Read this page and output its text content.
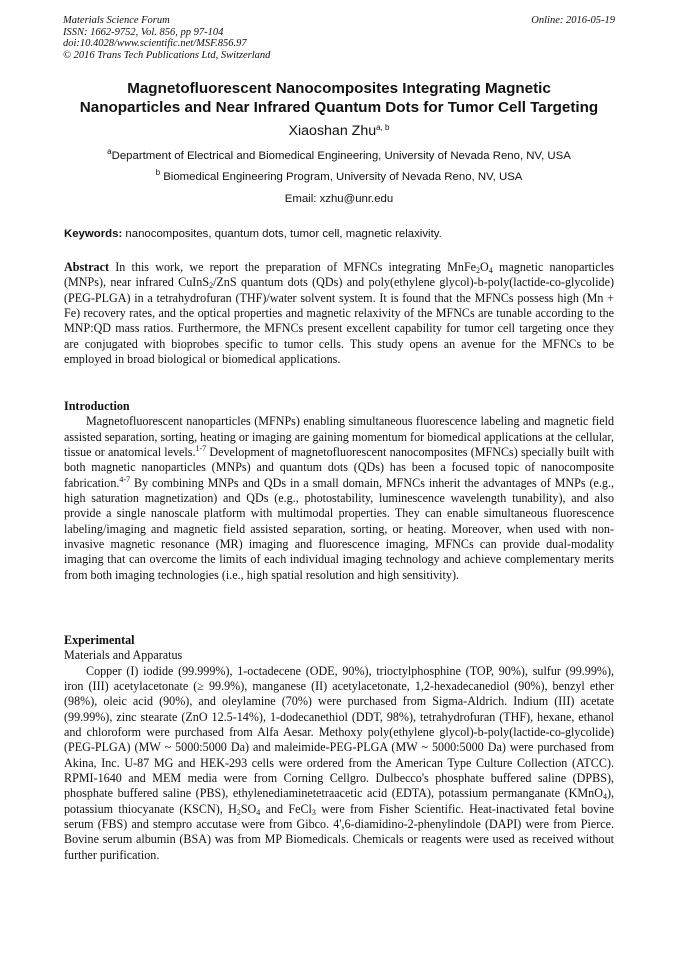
Materials Science Forum
ISSN: 1662-9752, Vol. 856, pp 97-104
doi:10.4028/www.scientific.net/MSF.856.97
© 2016 Trans Tech Publications Ltd, Switzerland
Online: 2016-05-19
Magnetofluorescent Nanocomposites Integrating Magnetic
Nanoparticles and Near Infrared Quantum Dots for Tumor Cell Targeting
Xiaoshan Zhu$^{a, b}$
$^a$Department of Electrical and Biomedical Engineering, University of Nevada Reno, NV, USA
$^b$ Biomedical Engineering Program, University of Nevada Reno, NV, USA
Email: xzhu@unr.edu
Keywords: nanocomposites, quantum dots, tumor cell, magnetic relaxivity.

Abstract In this work, we report the preparation of MFNCs integrating $MnFe_2O_4$ magnetic nanoparticles (MNPs), near infrared CuInS$_2$/ZnS quantum dots (QDs) and poly(ethylene glycol)-b-poly(lactide-co-glycolide) (PEG-PLGA) in a tetrahydrofuran (THF)/water solvent system. It is found that the MFNCs possess high (Mn + Fe) recovery rates, and the optical properties and magnetic relaxivity of the MFNCs are tunable according to the MNP:QD mass ratios. Furthermore, the MFNCs present excellent capability for tumor cell targeting once they are conjugated with bioprobes specific to tumor cells. This study opens an avenue for the MFNCs to be employed in broad biological or biomedical applications.

Introduction

Magnetofluorescent nanoparticles (MFNPs) enabling simultaneous fluorescence labeling and magnetic field assisted separation, sorting, heating or imaging are gaining momentum for biomedical applications at the cellular, tissue or anatomical levels.$^{1-7}$ Development of magnetofluorescent nanocomposites (MFNCs) specially built with both magnetic nanoparticles (MNPs) and quantum dots (QDs) has been a focused topic of nanocomposite fabrication.$^{4-7}$ By combining MNPs and QDs in a small domain, MFNCs inherit the advantages of MNPs (e.g., high saturation magnetization) and QDs (e.g., photostability, luminescence wavelength tunability), and also provide a single nanoscale platform with multimodal properties. They can enable simultaneous fluorescence labeling/imaging and magnetic field assisted separation, sorting, or heating. Moreover, when used with non-invasive magnetic resonance (MR) imaging and fluorescence imaging, MFNCs can provide dual-modality imaging that can overcome the limits of each individual imaging technology and achieve complementary merits from both imaging technologies (i.e., high spatial resolution and high sensitivity).

Experimental
Materials and Apparatus

Copper (I) iodide (99.999%), 1-octadecene (ODE, 90%), trioctylphosphine (TOP, 90%), sulfur (99.99%), iron (III) acetylacetonate (≥ 99.9%), manganese (II) acetylacetonate, 1,2-hexadecanediol (90%), benzyl ether (98%), oleic acid (90%), and oleylamine (70%) were purchased from Sigma-Aldrich. Indium (III) acetate (99.99%), zinc stearate (ZnO 12.5-14%), 1-dodecanethiol (DDT, 98%), tetrahydrofuran (THF), hexane, ethanol and chloroform were purchased from Alfa Aesar. Methoxy poly(ethylene glycol)-b-poly(lactide-co-glycolide) (PEG-PLGA) (MW ~ 5000:5000 Da) and maleimide-PEG-PLGA (MW ~ 5000:5000 Da) were purchased from Akina, Inc. U-87 MG and HEK-293 cells were ordered from the American Type Culture Collection (ATCC). RPMI-1640 and MEM media were from Corning Cellgro. Dulbecco's phosphate buffered saline (DPBS), phosphate buffered saline (PBS), ethylenediaminetetraacetic acid (EDTA), potassium permanganate (KMnO$_4$), potassium thiocyanate (KSCN), $H_2SO_4$ and FeCl$_3$ were from Fisher Scientific. Heat-inactivated fetal bovine serum (FBS) and stempro accutase were from Gibco. 4',6-diamidino-2-phenylindole (DAPI) were from Pierce. Bovine serum albumin (BSA) was from MP Biomedicals. Chemicals or reagents were used as received without further purification.
